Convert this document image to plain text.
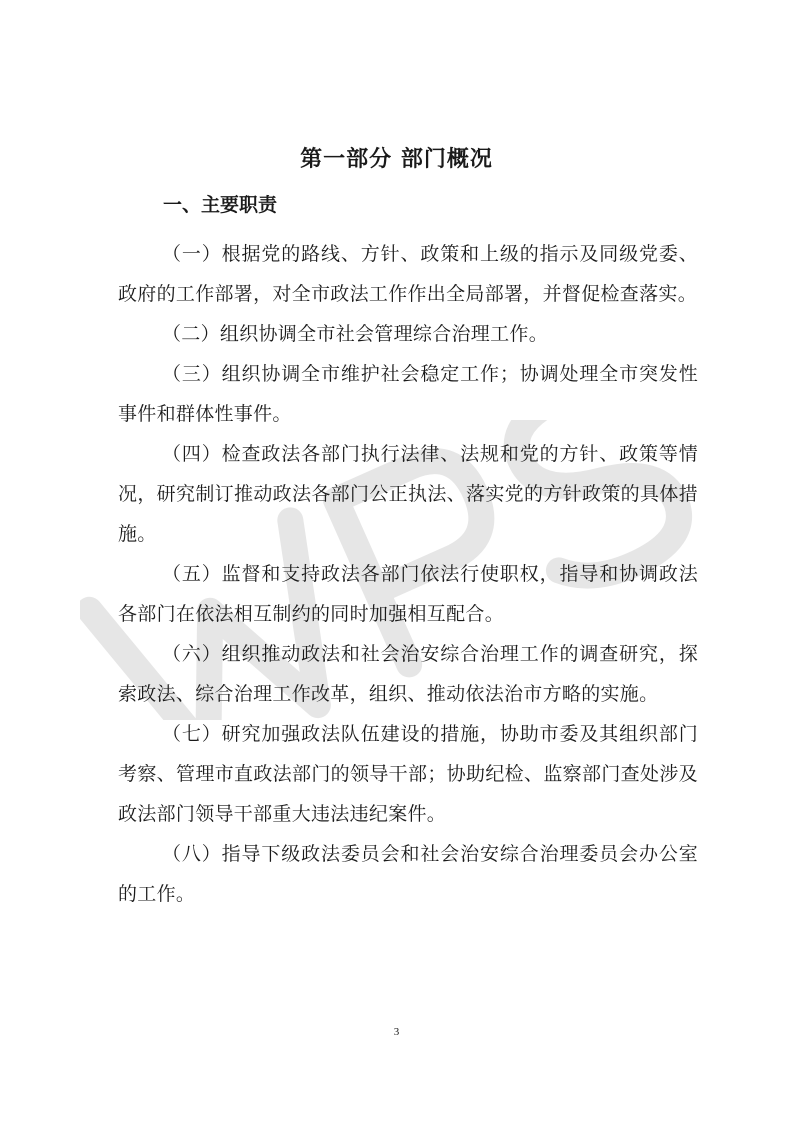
第一部分 部门概况
一、主要职责

（一）根据党的路线、方针、政策和上级的指示及同级党委、政府的工作部署，对全市政法工作作出全局部署，并督促检查落实。

（二）组织协调全市社会管理综合治理工作。

（三）组织协调全市维护社会稳定工作；协调处理全市突发性事件和群体性事件。

（四）检查政法各部门执行法律、法规和党的方针、政策等情况，研究制订推动政法各部门公正执法、落实党的方针政策的具体措施。

（五）监督和支持政法各部门依法行使职权，指导和协调政法各部门在依法相互制约的同时加强相互配合。

（六）组织推动政法和社会治安综合治理工作的调查研究，探索政法、综合治理工作改革，组织、推动依法治市方略的实施。

（七）研究加强政法队伍建设的措施，协助市委及其组织部门考察、管理市直政法部门的领导干部；协助纪检、监察部门查处涉及政法部门领导干部重大违法违纪案件。

（八）指导下级政法委员会和社会治安综合治理委员会办公室的工作。

3
